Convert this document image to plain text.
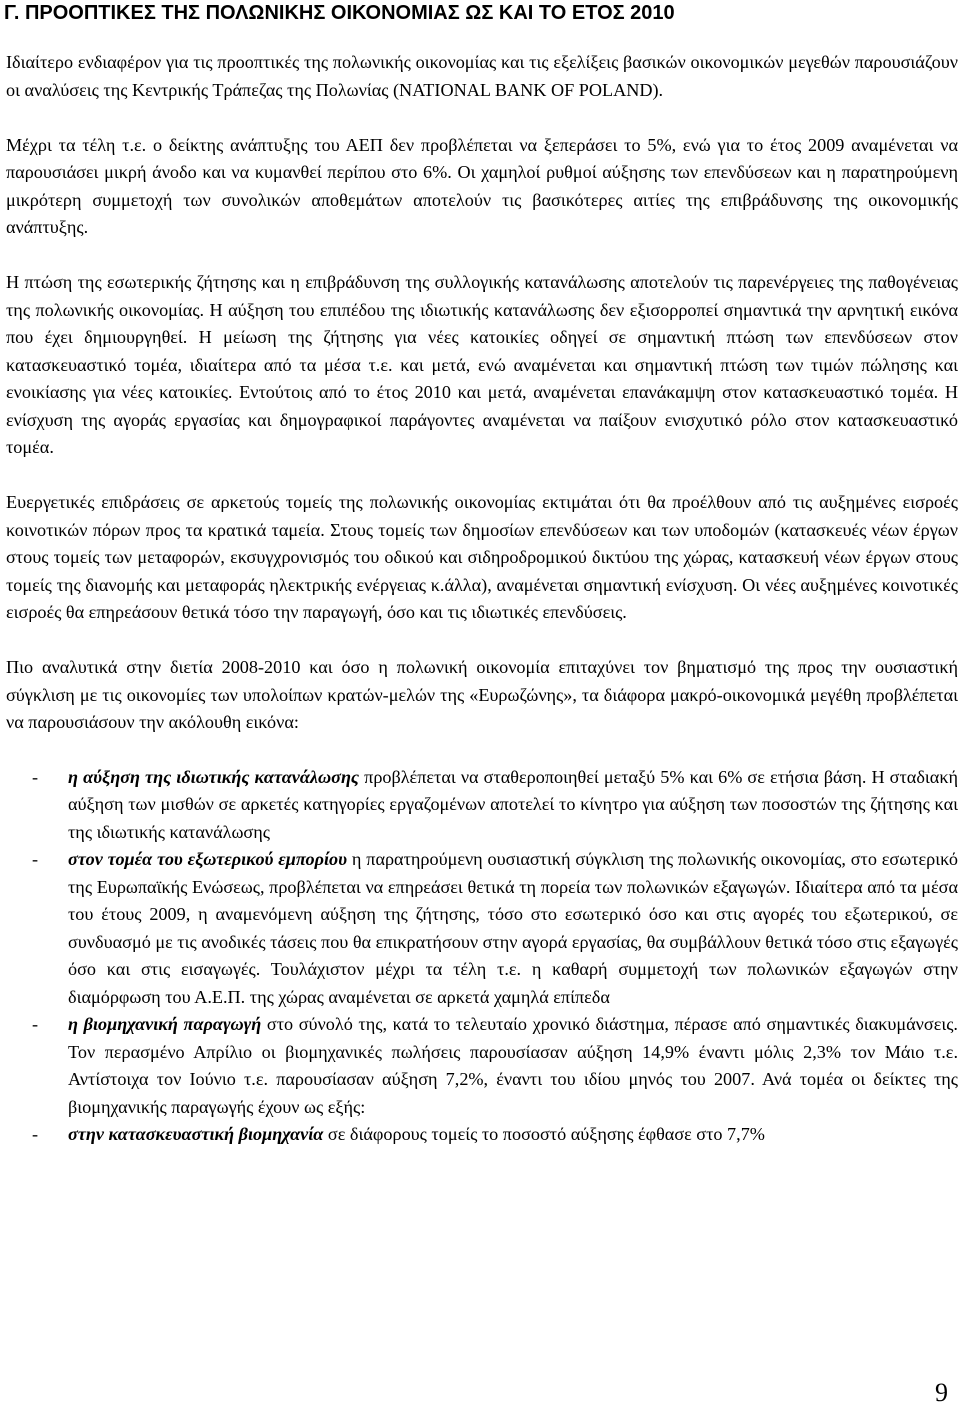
Γ. ΠΡΟΟΠΤΙΚΕΣ ΤΗΣ ΠΟΛΩΝΙΚΗΣ ΟΙΚΟΝΟΜΙΑΣ ΩΣ ΚΑΙ ΤΟ ΕΤΟΣ 2010

Ιδιαίτερο ενδιαφέρον για τις προοπτικές της πολωνικής οικονομίας και τις εξελίξεις βασικών οικονομικών μεγεθών παρουσιάζουν οι αναλύσεις της Κεντρικής Τράπεζας της Πολωνίας (NATIONAL BANK OF POLAND).

Μέχρι τα τέλη τ.ε. ο δείκτης ανάπτυξης του ΑΕΠ δεν προβλέπεται να ξεπεράσει το 5%, ενώ για το έτος 2009 αναμένεται να παρουσιάσει μικρή άνοδο και να κυμανθεί περίπου στο 6%. Οι χαμηλοί ρυθμοί αύξησης των επενδύσεων και η παρατηρούμενη μικρότερη συμμετοχή των συνολικών αποθεμάτων αποτελούν τις βασικότερες αιτίες της επιβράδυνσης της οικονομικής ανάπτυξης.

Η πτώση της εσωτερικής ζήτησης και η επιβράδυνση της συλλογικής κατανάλωσης αποτελούν τις παρενέργειες της παθογένειας της πολωνικής οικονομίας. Η αύξηση του επιπέδου της ιδιωτικής κατανάλωσης δεν εξισορροπεί σημαντικά την αρνητική εικόνα που έχει δημιουργηθεί. Η μείωση της ζήτησης για νέες κατοικίες οδηγεί σε σημαντική πτώση των επενδύσεων στον κατασκευαστικό τομέα, ιδιαίτερα από τα μέσα τ.ε. και μετά, ενώ αναμένεται και σημαντική πτώση των τιμών πώλησης και ενοικίασης για νέες κατοικίες. Εντούτοις από το έτος 2010 και μετά, αναμένεται επανάκαμψη στον κατασκευαστικό τομέα. Η ενίσχυση της αγοράς εργασίας και δημογραφικοί παράγοντες αναμένεται να παίξουν ενισχυτικό ρόλο στον κατασκευαστικό τομέα.

Ευεργετικές επιδράσεις σε αρκετούς τομείς της πολωνικής οικονομίας εκτιμάται ότι θα προέλθουν από τις αυξημένες εισροές κοινοτικών πόρων προς τα κρατικά ταμεία. Στους τομείς των δημοσίων επενδύσεων και των υποδομών (κατασκευές νέων έργων στους τομείς των μεταφορών, εκσυγχρονισμός του οδικού και σιδηροδρομικού δικτύου της χώρας, κατασκευή νέων έργων στους τομείς της διανομής και μεταφοράς ηλεκτρικής ενέργειας κ.άλλα), αναμένεται σημαντική ενίσχυση. Οι νέες αυξημένες κοινοτικές εισροές θα επηρεάσουν θετικά τόσο την παραγωγή, όσο και τις ιδιωτικές επενδύσεις.

Πιο αναλυτικά στην διετία 2008-2010 και όσο η πολωνική οικονομία επιταχύνει τον βηματισμό της προς την ουσιαστική σύγκλιση με τις οικονομίες των υπολοίπων κρατών-μελών της «Ευρωζώνης», τα διάφορα μακρό-οικονομικά μεγέθη προβλέπεται να παρουσιάσουν την ακόλουθη εικόνα:

- η αύξηση της ιδιωτικής κατανάλωσης προβλέπεται να σταθεροποιηθεί μεταξύ 5% και 6% σε ετήσια βάση. Η σταδιακή αύξηση των μισθών σε αρκετές κατηγορίες εργαζομένων αποτελεί το κίνητρο για αύξηση των ποσοστών της ζήτησης και της ιδιωτικής κατανάλωσης
- στον τομέα του εξωτερικού εμπορίου η παρατηρούμενη ουσιαστική σύγκλιση της πολωνικής οικονομίας, στο εσωτερικό της Ευρωπαϊκής Ενώσεως, προβλέπεται να επηρεάσει θετικά τη πορεία των πολωνικών εξαγωγών. Ιδιαίτερα από τα μέσα του έτους 2009, η αναμενόμενη αύξηση της ζήτησης, τόσο στο εσωτερικό όσο και στις αγορές του εξωτερικού, σε συνδυασμό με τις ανοδικές τάσεις που θα επικρατήσουν στην αγορά εργασίας, θα συμβάλλουν θετικά τόσο στις εξαγωγές όσο και στις εισαγωγές. Τουλάχιστον μέχρι τα τέλη τ.ε. η καθαρή συμμετοχή των πολωνικών εξαγωγών στην διαμόρφωση του Α.Ε.Π. της χώρας αναμένεται σε αρκετά χαμηλά επίπεδα
- η βιομηχανική παραγωγή στο σύνολό της, κατά το τελευταίο χρονικό διάστημα, πέρασε από σημαντικές διακυμάνσεις. Τον περασμένο Απρίλιο οι βιομηχανικές πωλήσεις παρουσίασαν αύξηση 14,9% έναντι μόλις 2,3% τον Μάιο τ.ε. Αντίστοιχα τον Ιούνιο τ.ε. παρουσίασαν αύξηση 7,2%, έναντι του ιδίου μηνός του 2007. Ανά τομέα οι δείκτες της βιομηχανικής παραγωγής έχουν ως εξής:
- στην κατασκευαστική βιομηχανία σε διάφορους τομείς το ποσοστό αύξησης έφθασε στο 7,7%
9
